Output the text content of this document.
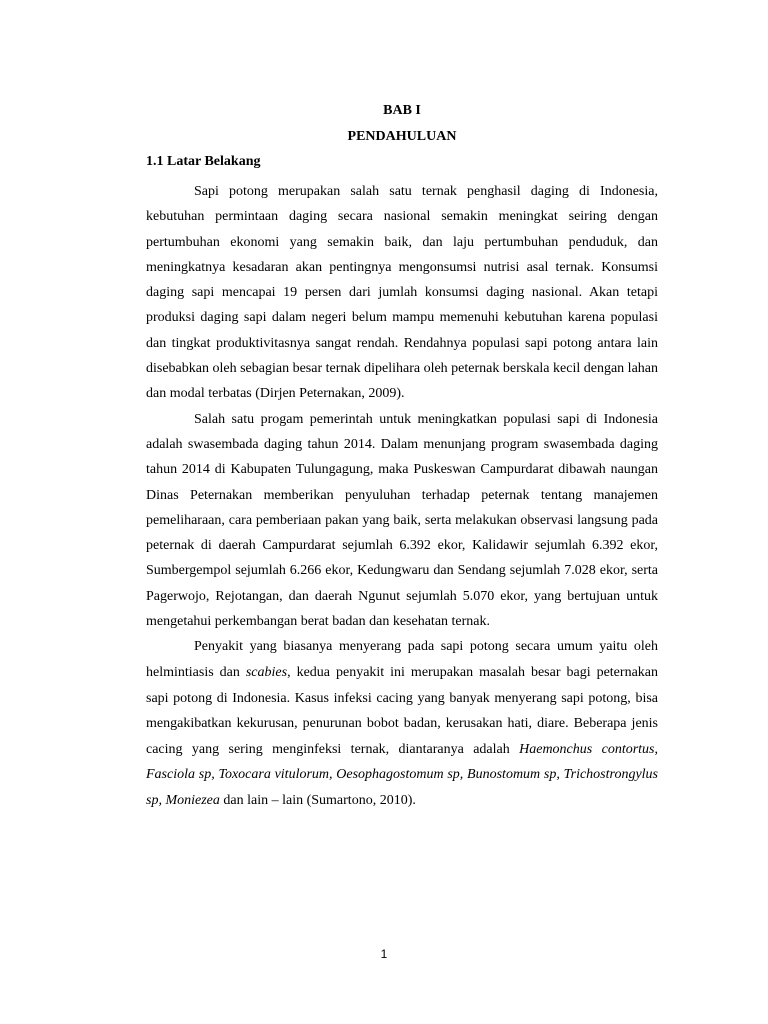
BAB I

PENDAHULUAN

1.1 Latar Belakang

Sapi potong merupakan salah satu ternak penghasil daging di Indonesia, kebutuhan permintaan daging secara nasional semakin meningkat seiring dengan pertumbuhan ekonomi yang semakin baik, dan laju pertumbuhan penduduk, dan meningkatnya kesadaran akan pentingnya mengonsumsi nutrisi asal ternak. Konsumsi daging sapi mencapai 19 persen dari jumlah konsumsi daging nasional. Akan tetapi produksi daging sapi dalam negeri belum mampu memenuhi kebutuhan karena populasi dan tingkat produktivitasnya sangat rendah. Rendahnya populasi sapi potong antara lain disebabkan oleh sebagian besar ternak dipelihara oleh peternak berskala kecil dengan lahan dan modal terbatas (Dirjen Peternakan, 2009).

Salah satu progam pemerintah untuk meningkatkan populasi sapi di Indonesia adalah swasembada daging tahun 2014. Dalam menunjang program swasembada daging tahun 2014 di Kabupaten Tulungagung, maka Puskeswan Campurdarat dibawah naungan Dinas Peternakan memberikan penyuluhan terhadap peternak tentang manajemen pemeliharaan, cara pemberiaan pakan yang baik, serta melakukan observasi langsung pada peternak di daerah Campurdarat sejumlah 6.392 ekor, Kalidawir sejumlah 6.392 ekor, Sumbergempol sejumlah 6.266 ekor, Kedungwaru dan Sendang sejumlah 7.028 ekor, serta Pagerwojo, Rejotangan, dan daerah Ngunut sejumlah 5.070 ekor, yang bertujuan untuk mengetahui perkembangan berat badan dan kesehatan ternak.

Penyakit yang biasanya menyerang pada sapi potong secara umum yaitu oleh helmintiasis dan scabies, kedua penyakit ini merupakan masalah besar bagi peternakan sapi potong di Indonesia. Kasus infeksi cacing yang banyak menyerang sapi potong, bisa mengakibatkan kekurusan, penurunan bobot badan, kerusakan hati, diare. Beberapa jenis cacing yang sering menginfeksi ternak, diantaranya adalah Haemonchus contortus, Fasciola sp, Toxocara vitulorum, Oesophagostomum sp, Bunostomum sp, Trichostrongylus sp, Moniezea dan lain – lain (Sumartono, 2010).

1
